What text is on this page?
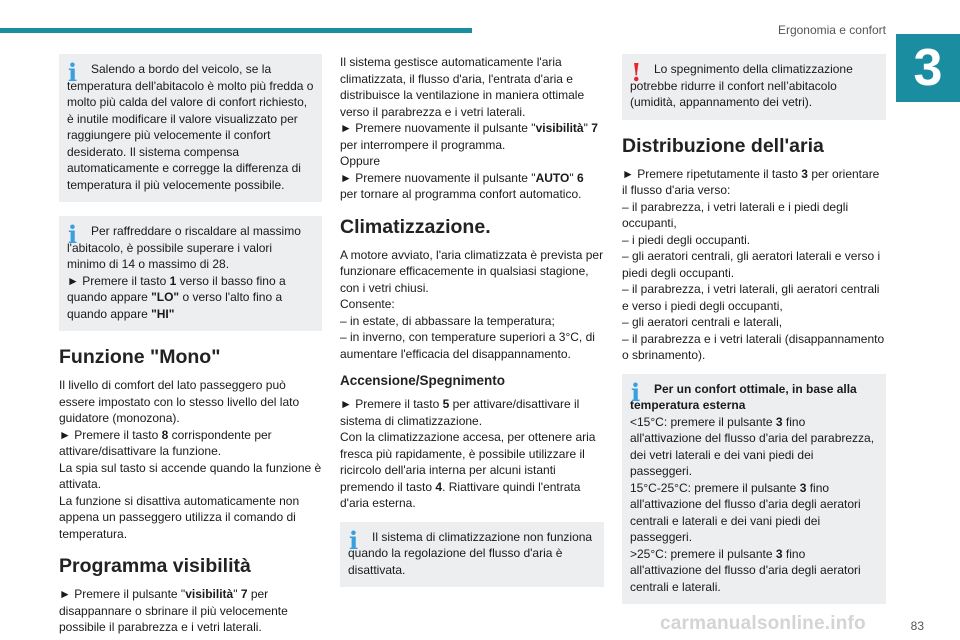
Ergonomia e confort
3
i	Salendo a bordo del veicolo, se la temperatura dell'abitacolo è molto più fredda o molto più calda del valore di confort richiesto, è inutile modificare il valore visualizzato per raggiungere più velocemente il confort desiderato. Il sistema compensa automaticamente e corregge la differenza di temperatura il più velocemente possibile.

i	Per raffreddare o riscaldare al massimo l'abitacolo, è possibile superare i valori minimo di 14 o massimo di 28.

► Premere il tasto 1 verso il basso fino a quando appare "LO" o verso l'alto fino a quando appare "HI"
Funzione "Mono"
Il livello di comfort del lato passeggero può essere impostato con lo stesso livello del lato guidatore (monozona).
► Premere il tasto 8 corrispondente per attivare/disattivare la funzione.
La spia sul tasto si accende quando la funzione è attivata.
La funzione si disattiva automaticamente non appena un passeggero utilizza il comando di temperatura.
Programma visibilità
► Premere il pulsante "visibilità" 7 per disappannare o sbrinare il più velocemente possibile il parabrezza e i vetri laterali.
Il sistema gestisce automaticamente l'aria climatizzata, il flusso d'aria, l'entrata d'aria e distribuisce la ventilazione in maniera ottimale verso il parabrezza e i vetri laterali.
► Premere nuovamente il pulsante "visibilità" 7 per interrompere il programma.
Oppure
► Premere nuovamente il pulsante "AUTO" 6 per tornare al programma confort automatico.
Climatizzazione.
A motore avviato, l'aria climatizzata è prevista per funzionare efficacemente in qualsiasi stagione, con i vetri chiusi.
Consente:
– in estate, di abbassare la temperatura;
– in inverno, con temperature superiori a 3°C, di aumentare l'efficacia del disappannamento.
Accensione/Spegnimento
► Premere il tasto 5 per attivare/disattivare il sistema di climatizzazione.
Con la climatizzazione accesa, per ottenere aria fresca più rapidamente, è possibile utilizzare il ricircolo dell'aria interna per alcuni istanti premendo il tasto 4. Riattivare quindi l'entrata d'aria esterna.
i	Il sistema di climatizzazione non funziona quando la regolazione del flusso d'aria è disattivata.

!	Lo spegnimento della climatizzazione potrebbe ridurre il confort nell’abitacolo (umidità, appannamento dei vetri).

Distribuzione dell'aria
► Premere ripetutamente il tasto 3 per orientare il flusso d'aria verso:
– il parabrezza, i vetri laterali e i piedi degli occupanti,
– i piedi degli occupanti.
– gli aeratori centrali, gli aeratori laterali e verso i piedi degli occupanti.
– il parabrezza, i vetri laterali, gli aeratori centrali e verso i piedi degli occupanti,
– gli aeratori centrali e laterali,
– il parabrezza e i vetri laterali (disappannamento o sbrinamento).
i	Per un confort ottimale, in base alla temperatura esterna

<15°C: premere il pulsante 3 fino all'attivazione del flusso d'aria del parabrezza, dei vetri laterali e dei vani piedi dei passeggeri.
15°C-25°C: premere il pulsante 3 fino all'attivazione del flusso d'aria degli aeratori centrali e laterali e dei vani piedi dei passeggeri.
>25°C: premere il pulsante 3 fino all'attivazione del flusso d'aria degli aeratori centrali e laterali.
83
carmanualsonline.info
